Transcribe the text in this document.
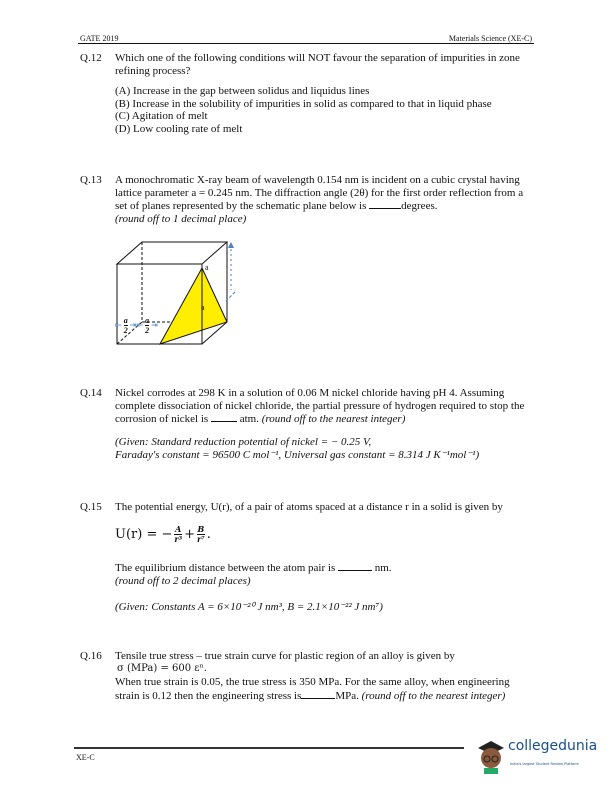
GATE 2019	Materials Science (XE-C)
Q.12 Which one of the following conditions will NOT favour the separation of impurities in zone refining process?
(A) Increase in the gap between solidus and liquidus lines
(B) Increase in the solubility of impurities in solid as compared to that in liquid phase
(C) Agitation of melt
(D) Low cooling rate of melt
Q.13 A monochromatic X-ray beam of wavelength 0.154 nm is incident on a cubic crystal having lattice parameter a = 0.245 nm. The diffraction angle (2θ) for the first order reflection from a set of planes represented by the schematic plane below is	degrees.
(round off to 1 decimal place)
a
a
⇤ $\frac{a}{2}$ ⇥⇤ $\frac{a}{2}$ ⇥
Q.14 Nickel corrodes at 298 K in a solution of 0.06 M nickel chloride having pH 4. Assuming complete dissociation of nickel chloride, the partial pressure of hydrogen required to stop the corrosion of nickel is	atm. (round off to the nearest integer)
(Given: Standard reduction potential of nickel = − 0.25 V,
Faraday's constant = 96500 C mol⁻¹, Universal gas constant = 8.314 J K⁻¹mol⁻¹)
Q.15 The potential energy, U(r), of a pair of atoms spaced at a distance r in a solid is given by
U(r) = − $\frac{A}{\text{r³}} + \frac{B}{\text{r⁷}}$ .
The equilibrium distance between the atom pair is	nm.
(round off to 2 decimal places)
(Given: Constants A = 6×10⁻²⁰ J nm³, B = 2.1×10⁻²² J nm⁷)
Q.16 Tensile true stress – true strain curve for plastic region of an alloy is given by
σ (MPa) = 600 εⁿ.
When true strain is 0.05, the true stress is 350 MPa. For the same alloy, when engineering strain is 0.12 then the engineering stress is	MPa. (round off to the nearest integer)
XE-C
collegedunia
India's largest Student Review Platform
